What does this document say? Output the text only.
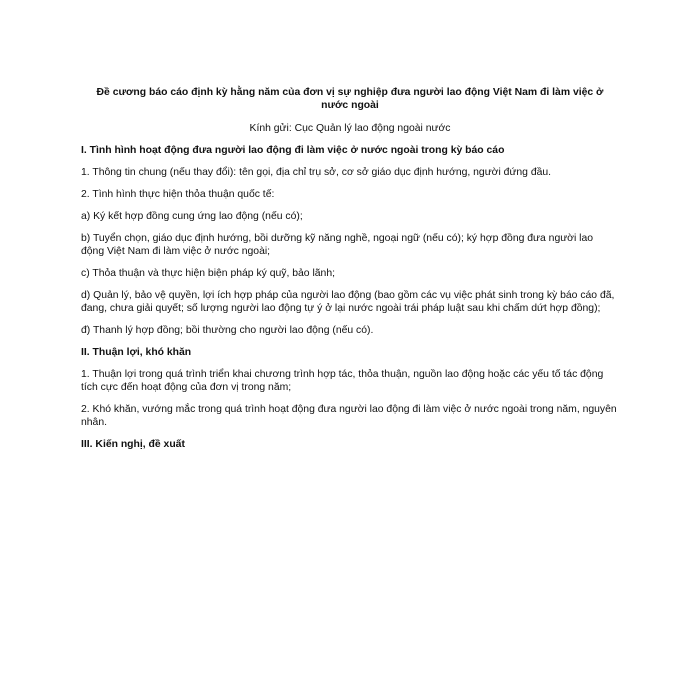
Đề cương báo cáo định kỳ hằng năm của đơn vị sự nghiệp đưa người lao động Việt Nam đi làm việc ở nước ngoài
Kính gửi: Cục Quản lý lao động ngoài nước
I. Tình hình hoạt động đưa người lao động đi làm việc ở nước ngoài trong kỳ báo cáo
1. Thông tin chung (nếu thay đổi): tên gọi, địa chỉ trụ sở, cơ sở giáo dục định hướng, người đứng đầu.
2. Tình hình thực hiện thỏa thuận quốc tế:
a) Ký kết hợp đồng cung ứng lao động (nếu có);
b) Tuyển chọn, giáo dục định hướng, bồi dưỡng kỹ năng nghề, ngoại ngữ (nếu có); ký hợp đồng đưa người lao động Việt Nam đi làm việc ở nước ngoài;
c) Thỏa thuận và thực hiện biện pháp ký quỹ, bảo lãnh;
d) Quản lý, bảo vệ quyền, lợi ích hợp pháp của người lao động (bao gồm các vụ việc phát sinh trong kỳ báo cáo đã, đang, chưa giải quyết; số lượng người lao động tự ý ở lại nước ngoài trái pháp luật sau khi chấm dứt hợp đồng);
đ) Thanh lý hợp đồng; bồi thường cho người lao động (nếu có).
II. Thuận lợi, khó khăn
1. Thuận lợi trong quá trình triển khai chương trình hợp tác, thỏa thuận, nguồn lao động hoặc các yếu tố tác động tích cực đến hoạt động của đơn vị trong năm;
2. Khó khăn, vướng mắc trong quá trình hoạt động đưa người lao động đi làm việc ở nước ngoài trong năm, nguyên nhân.
III. Kiến nghị, đề xuất
